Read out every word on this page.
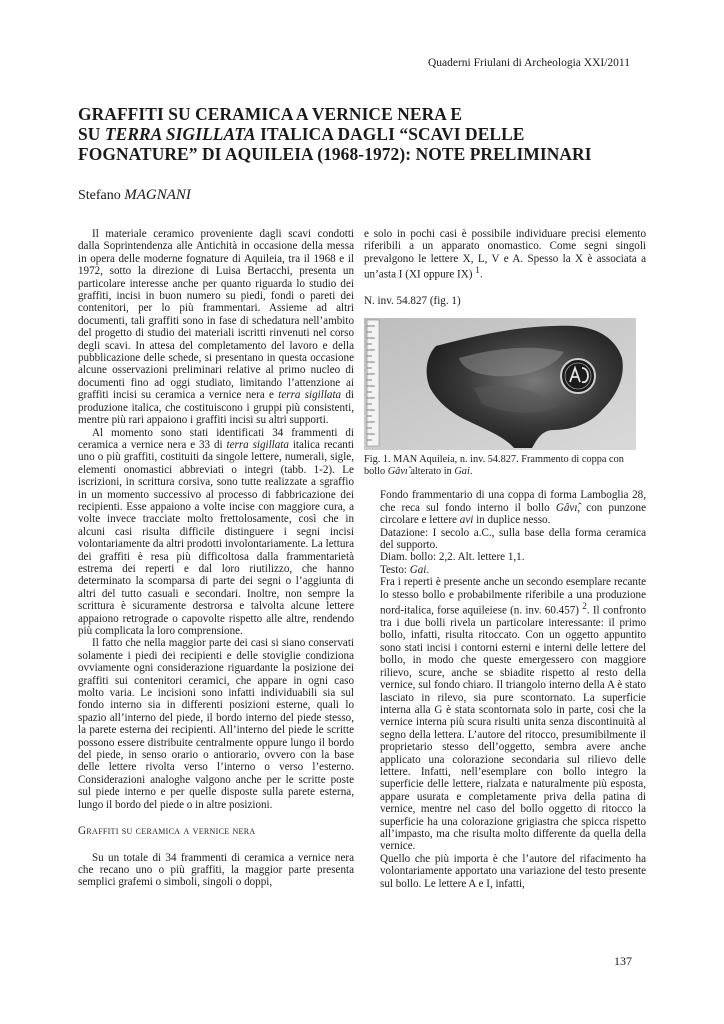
Quaderni Friulani di Archeologia XXI/2011
GRAFFITI SU CERAMICA A VERNICE NERA E
SU TERRA SIGILLATA ITALICA DAGLI “SCAVI DELLE
FOGNATURE” DI AQUILEIA (1968-1972): NOTE PRELIMINARI
Stefano MAGNANI

Il materiale ceramico proveniente dagli scavi condotti dalla Soprintendenza alle Antichità in occasione della messa in opera delle moderne fognature di Aquileia, tra il 1968 e il 1972, sotto la direzione di Luisa Bertacchi, presenta un particolare interesse anche per quanto riguarda lo studio dei graffiti, incisi in buon numero su piedi, fondi o pareti dei contenitori, per lo più frammentari. Assieme ad altri documenti, tali graffiti sono in fase di schedatura nell’ambito del progetto di studio dei materiali iscritti rinvenuti nel corso degli scavi. In attesa del completamento del lavoro e della pubblicazione delle schede, si presentano in questa occasione alcune osservazioni preliminari relative al primo nucleo di documenti fino ad oggi studiato, limitando l’attenzione ai graffiti incisi su ceramica a vernice nera e terra sigillata di produzione italica, che costituiscono i gruppi più consistenti, mentre più rari appaiono i graffiti incisi su altri supporti.

Al momento sono stati identificati 34 frammenti di ceramica a vernice nera e 33 di terra sigillata italica recanti uno o più graffiti, costituiti da singole lettere, numerali, sigle, elementi onomastici abbreviati o integri (tabb. 1-2). Le iscrizioni, in scrittura corsiva, sono tutte realizzate a sgraffio in un momento successivo al processo di fabbricazione dei recipienti. Esse appaiono a volte incise con maggiore cura, a volte invece tracciate molto frettolosamente, così che in alcuni casi risulta difficile distinguere i segni incisi volontariamente da altri prodotti involontariamente. La lettura dei graffiti è resa più difficoltosa dalla frammentarietà estrema dei reperti e dal loro riutilizzo, che hanno determinato la scomparsa di parte dei segni o l’aggiunta di altri del tutto casuali e secondari. Inoltre, non sempre la scrittura è sicuramente destrorsa e talvolta alcune lettere appaiono retrograde o capovolte rispetto alle altre, rendendo più complicata la loro comprensione.

Il fatto che nella maggior parte dei casi si siano conservati solamente i piedi dei recipienti e delle stoviglie condiziona ovviamente ogni considerazione riguardante la posizione dei graffiti sui contenitori ceramici, che appare in ogni caso molto varia. Le incisioni sono infatti individuabili sia sul fondo interno sia in differenti posizioni esterne, quali lo spazio all’interno del piede, il bordo interno del piede stesso, la parete esterna dei recipienti. All’interno del piede le scritte possono essere distribuite centralmente oppure lungo il bordo del piede, in senso orario o antiorario, ovvero con la base delle lettere rivolta verso l’interno o verso l’esterno. Considerazioni analoghe valgono anche per le scritte poste sul piede interno e per quelle disposte sulla parete esterna, lungo il bordo del piede o in altre posizioni.

Graffiti su ceramica a vernice nera

Su un totale di 34 frammenti di ceramica a vernice nera che recano uno o più graffiti, la maggior parte presenta semplici grafemi o simboli, singoli o doppi,

e solo in pochi casi è possibile individuare precisi elemento riferibili a un apparato onomastico. Come segni singoli prevalgono le lettere X, L, V e A. Spesso la X è associata a un’asta I (XI oppure IX) $^1$.

N. inv. 54.827 (fig. 1)

Fig. 1. MAN Aquileia, n. inv. 54.827. Frammento di coppa con bollo Gâvı̂ alterato in Gai.

Fondo frammentario di una coppa di forma Lamboglia 28, che reca sul fondo interno il bollo Gâvı̂, con punzone circolare e lettere avi in duplice nesso.

Datazione: I secolo a.C., sulla base della forma ceramica del supporto.

Diam. bollo: 2,2. Alt. lettere 1,1.

Testo: Gai.

Fra i reperti è presente anche un secondo esemplare recante lo stesso bollo e probabilmente riferibile a una produzione nord-italica, forse aquileiese (n. inv. 60.457) $^2$. Il confronto tra i due bolli rivela un particolare interessante: il primo bollo, infatti, risulta ritoccato. Con un oggetto appuntito sono stati incisi i contorni esterni e interni delle lettere del bollo, in modo che queste emergessero con maggiore rilievo, scure, anche se sbiadite rispetto al resto della vernice, sul fondo chiaro. Il triangolo interno della A è stato lasciato in rilevo, sia pure scontornato. La superficie interna alla G è stata scontornata solo in parte, così che la vernice interna più scura risulti unita senza discontinuità al segno della lettera. L’autore del ritocco, presumibilmente il proprietario stesso dell’oggetto, sembra avere anche applicato una colorazione secondaria sul rilievo delle lettere. Infatti, nell’esemplare con bollo integro la superficie delle lettere, rialzata e naturalmente più esposta, appare usurata e completamente priva della patina di vernice, mentre nel caso del bollo oggetto di ritocco la superficie ha una colorazione grigiastra che spicca rispetto all’impasto, ma che risulta molto differente da quella della vernice.

Quello che più importa è che l’autore del rifacimento ha volontariamente apportato una variazione del testo presente sul bollo. Le lettere A e I, infatti,

137
